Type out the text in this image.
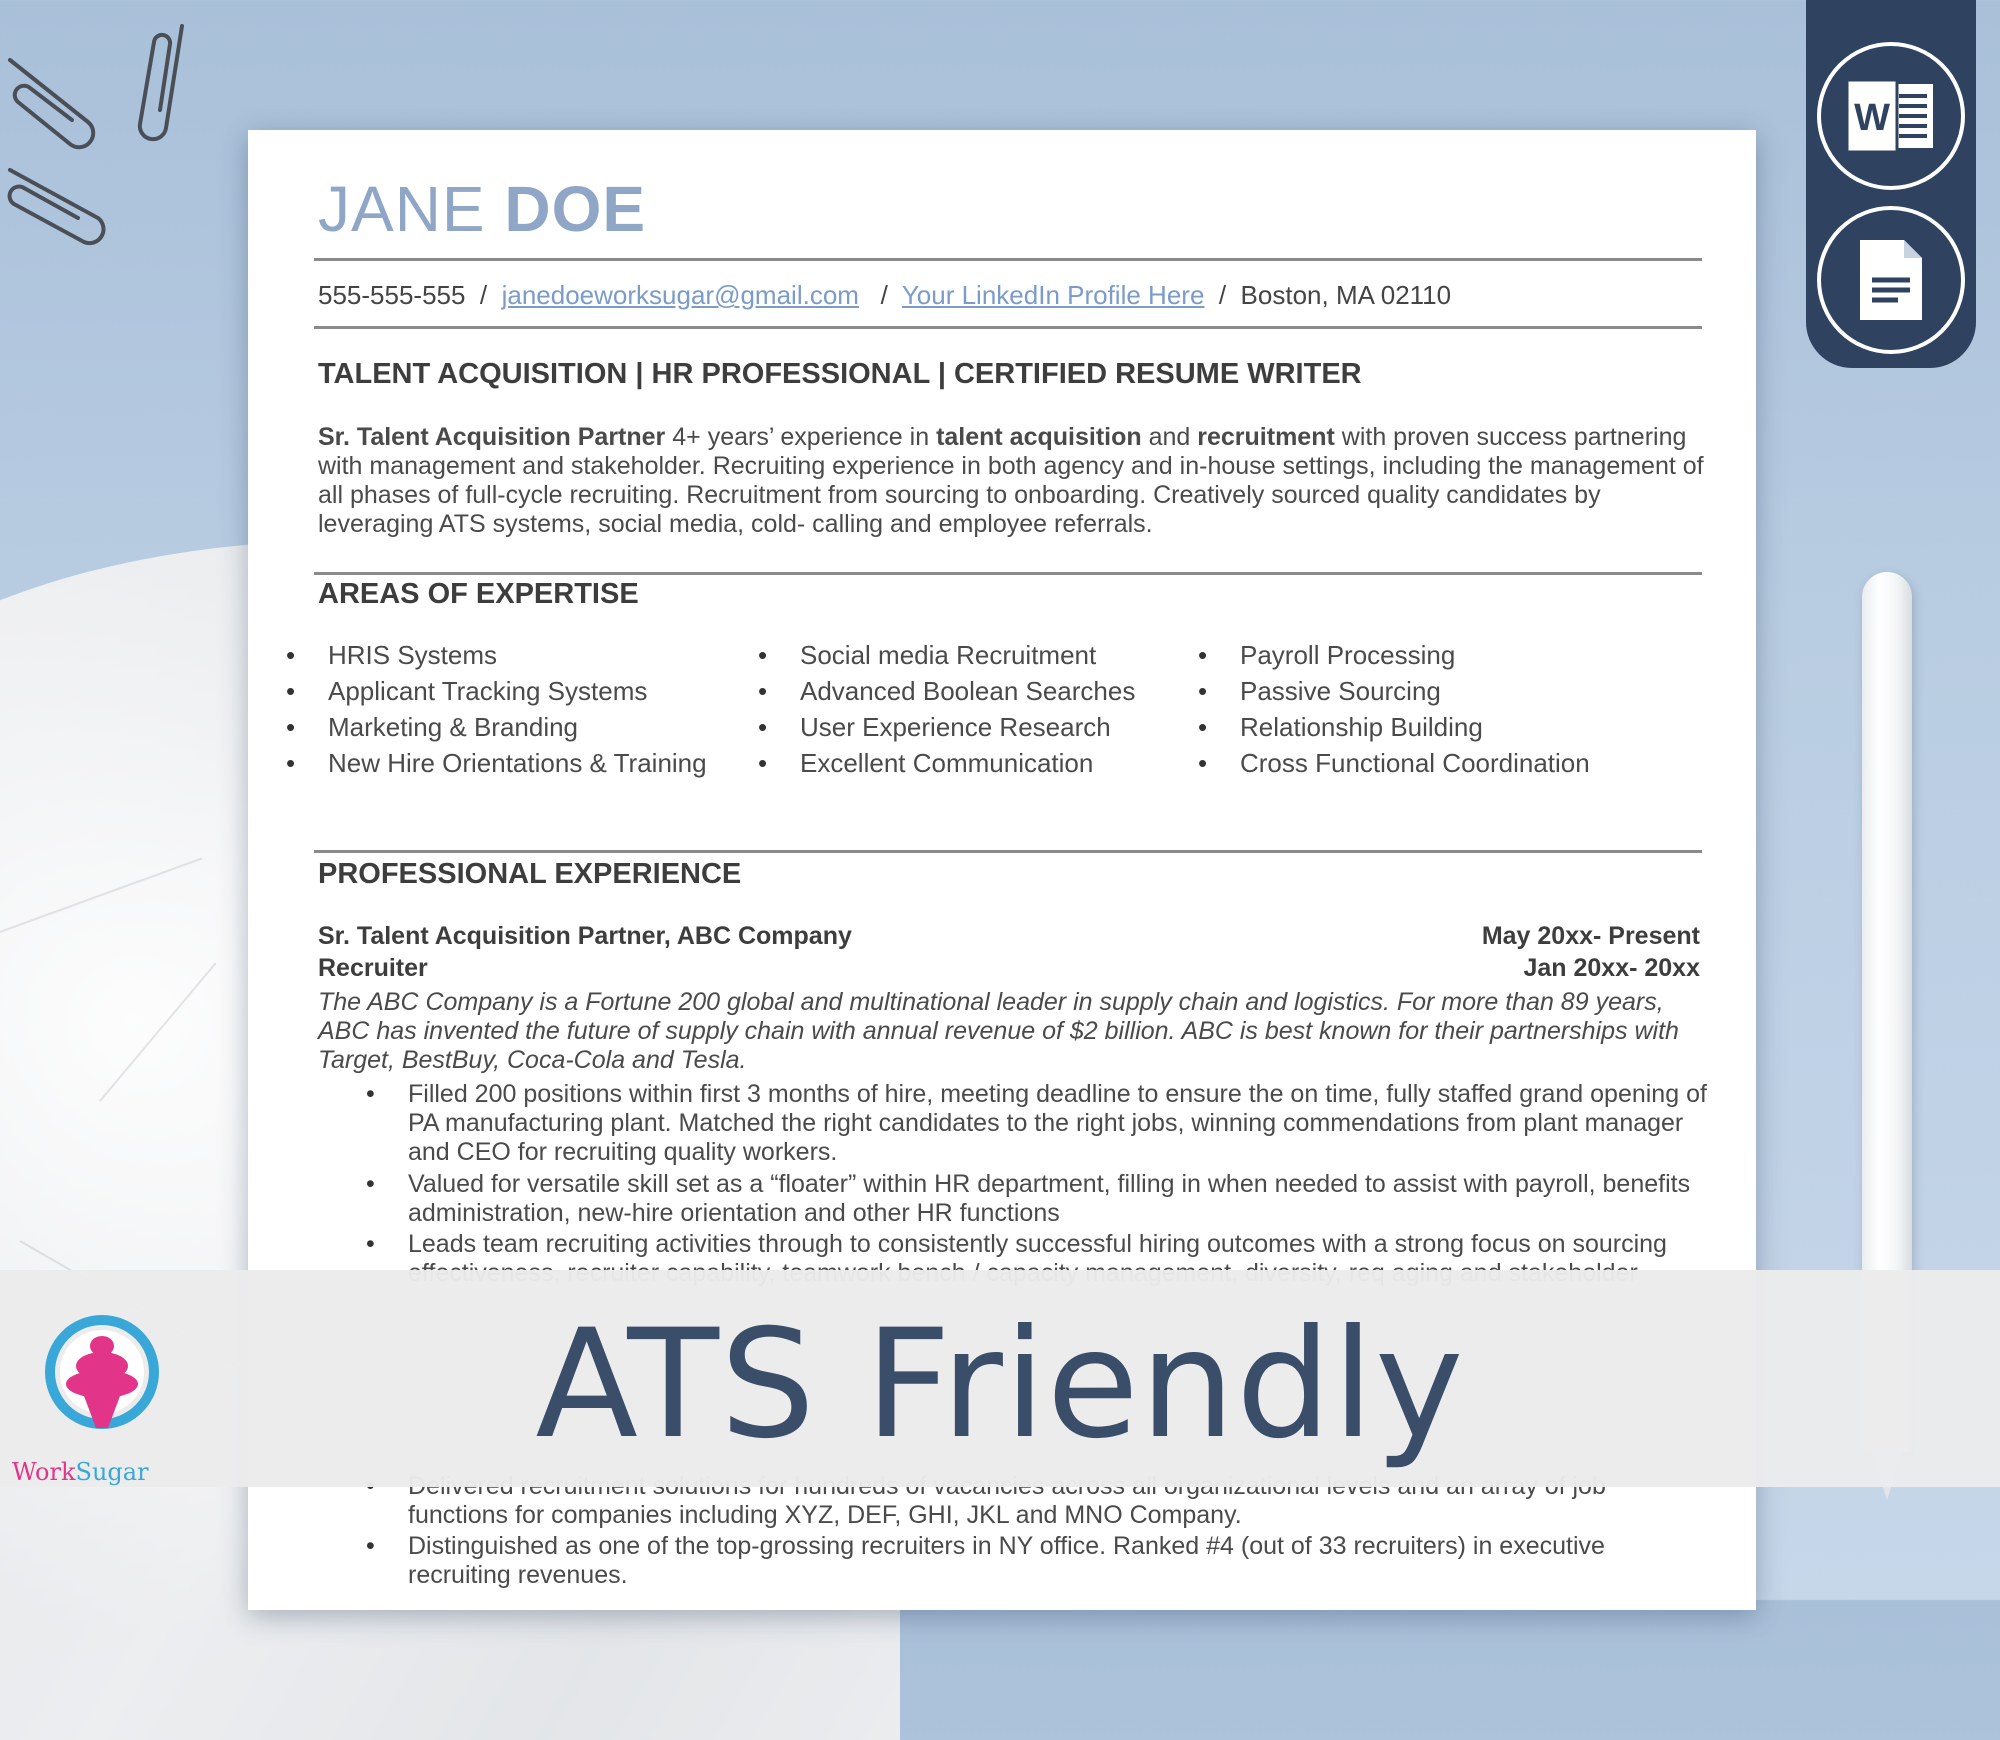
JANE DOE
555-555-555 / janedoeworksugar@gmail.com / Your LinkedIn Profile Here / Boston, MA 02110
TALENT ACQUISITION | HR PROFESSIONAL | CERTIFIED RESUME WRITER
Sr. Talent Acquisition Partner 4+ years’ experience in talent acquisition and recruitment with proven success partnering with management and stakeholder. Recruiting experience in both agency and in-house settings, including the management of all phases of full-cycle recruiting. Recruitment from sourcing to onboarding. Creatively sourced quality candidates by leveraging ATS systems, social media, cold- calling and employee referrals.
AREAS OF EXPERTISE
• HRIS Systems
• Applicant Tracking Systems
• Marketing & Branding
• New Hire Orientations & Training
• Social media Recruitment
• Advanced Boolean Searches
• User Experience Research
• Excellent Communication
• Payroll Processing
• Passive Sourcing
• Relationship Building
• Cross Functional Coordination
PROFESSIONAL EXPERIENCE
Sr. Talent Acquisition Partner, ABC Company	May 20xx- Present
Recruiter	Jan 20xx- 20xx
The ABC Company is a Fortune 200 global and multinational leader in supply chain and logistics. For more than 89 years, ABC has invented the future of supply chain with annual revenue of $2 billion. ABC is best known for their partnerships with Target, BestBuy, Coca-Cola and Tesla.
• Filled 200 positions within first 3 months of hire, meeting deadline to ensure the on time, fully staffed grand opening of PA manufacturing plant. Matched the right candidates to the right jobs, winning commendations from plant manager and CEO for recruiting quality workers.
• Valued for versatile skill set as a “floater” within HR department, filling in when needed to assist with payroll, benefits administration, new-hire orientation and other HR functions
• Leads team recruiting activities through to consistently successful hiring outcomes with a strong focus on sourcing
• functions for companies including XYZ, DEF, GHI, JKL and MNO Company.
• Distinguished as one of the top-grossing recruiters in NY office. Ranked #4 (out of 33 recruiters) in executive recruiting revenues.
W
ATS Friendly
WorkSugar
